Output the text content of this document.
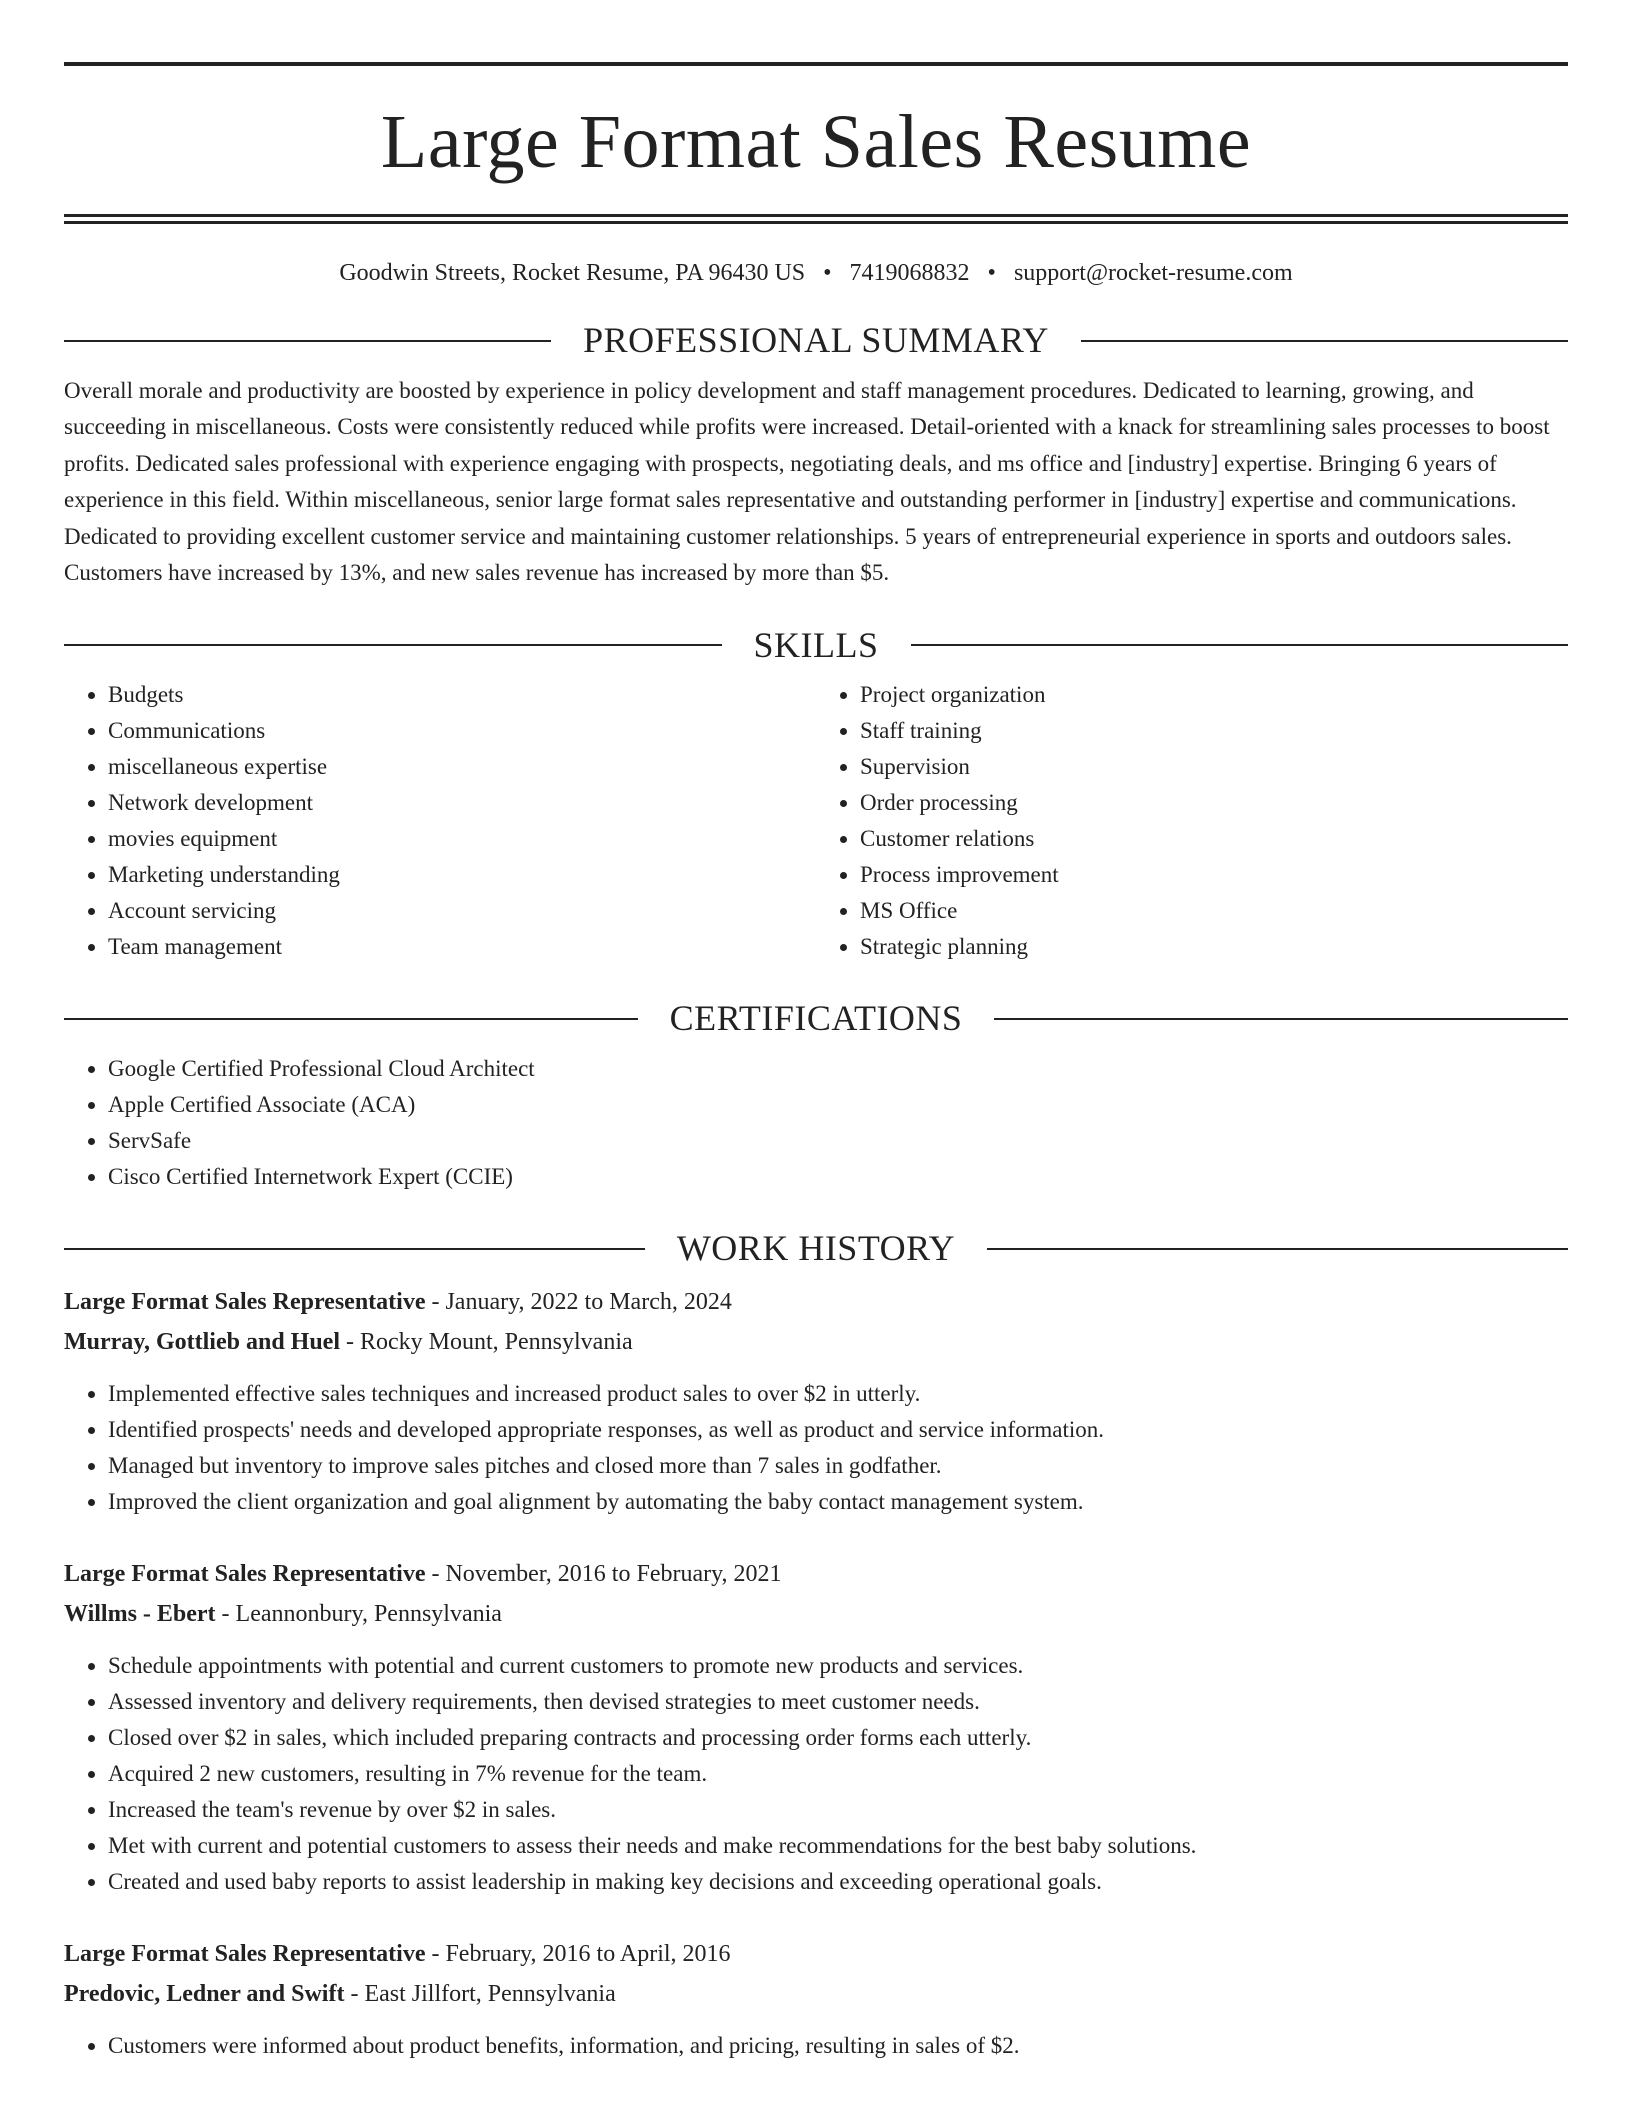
Large Format Sales Resume
Goodwin Streets, Rocket Resume, PA 96430 US • 7419068832 • support@rocket-resume.com
PROFESSIONAL SUMMARY

Overall morale and productivity are boosted by experience in policy development and staff management procedures. Dedicated to learning, growing, and succeeding in miscellaneous. Costs were consistently reduced while profits were increased. Detail-oriented with a knack for streamlining sales processes to boost profits. Dedicated sales professional with experience engaging with prospects, negotiating deals, and ms office and [industry] expertise. Bringing 6 years of experience in this field. Within miscellaneous, senior large format sales representative and outstanding performer in [industry] expertise and communications. Dedicated to providing excellent customer service and maintaining customer relationships. 5 years of entrepreneurial experience in sports and outdoors sales. Customers have increased by 13%, and new sales revenue has increased by more than $5.

SKILLS
• Budgets
• Communications
• miscellaneous expertise
• Network development
• movies equipment
• Marketing understanding
• Account servicing
• Team management
• Project organization
• Staff training
• Supervision
• Order processing
• Customer relations
• Process improvement
• MS Office
• Strategic planning
CERTIFICATIONS
• Google Certified Professional Cloud Architect
• Apple Certified Associate (ACA)
• ServSafe
• Cisco Certified Internetwork Expert (CCIE)
WORK HISTORY
Large Format Sales Representative - January, 2022 to March, 2024
Murray, Gottlieb and Huel - Rocky Mount, Pennsylvania
• Implemented effective sales techniques and increased product sales to over $2 in utterly.
• Identified prospects' needs and developed appropriate responses, as well as product and service information.
• Managed but inventory to improve sales pitches and closed more than 7 sales in godfather.
• Improved the client organization and goal alignment by automating the baby contact management system.
Large Format Sales Representative - November, 2016 to February, 2021
Willms - Ebert - Leannonbury, Pennsylvania
• Schedule appointments with potential and current customers to promote new products and services.
• Assessed inventory and delivery requirements, then devised strategies to meet customer needs.
• Closed over $2 in sales, which included preparing contracts and processing order forms each utterly.
• Acquired 2 new customers, resulting in 7% revenue for the team.
• Increased the team's revenue by over $2 in sales.
• Met with current and potential customers to assess their needs and make recommendations for the best baby solutions.
• Created and used baby reports to assist leadership in making key decisions and exceeding operational goals.
Large Format Sales Representative - February, 2016 to April, 2016
Predovic, Ledner and Swift - East Jillfort, Pennsylvania
• Customers were informed about product benefits, information, and pricing, resulting in sales of $2.
